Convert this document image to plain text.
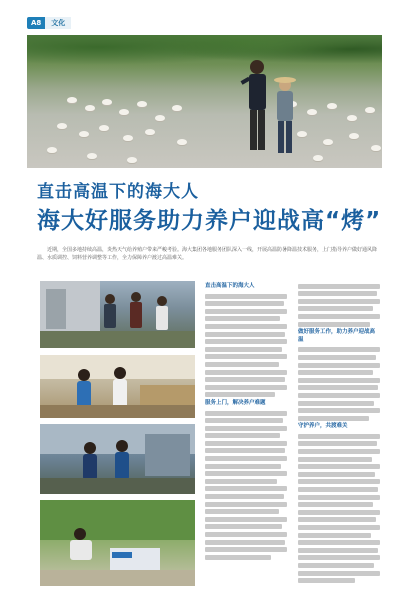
A8	文化
直击高温下的海大人
海大好服务助力养户迎战高“烤”
近期，全国多地持续高温，炎热天气给养殖户带来严峻考验。海大集团各地服务团队深入一线，开展高温防暑降温技术服务，上门指导养户做好通风降温、水质调控、饲料营养调整等工作，全力保障养户渡过高温难关。
直击高温下的海大人
服务上门，解决养户难题
做好服务工作，助力养户迎战高温
守护养户，共渡难关
